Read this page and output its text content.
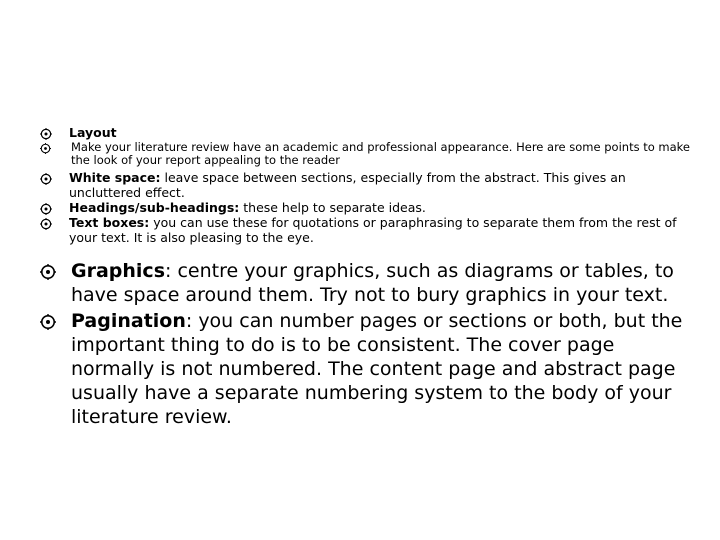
Layout
Make your literature review have an academic and professional appearance. Here are some points to make the look of your report appealing to the reader
White space: leave space between sections, especially from the abstract. This gives an uncluttered effect.
Headings/sub-headings: these help to separate ideas.
Text boxes: you can use these for quotations or paraphrasing to separate them from the rest of your text. It is also pleasing to the eye.
Graphics: centre your graphics, such as diagrams or tables, to have space around them. Try not to bury graphics in your text.
Pagination: you can number pages or sections or both, but the important thing to do is to be consistent. The cover page normally is not numbered. The content page and abstract page usually have a separate numbering system to the body of your literature review.
